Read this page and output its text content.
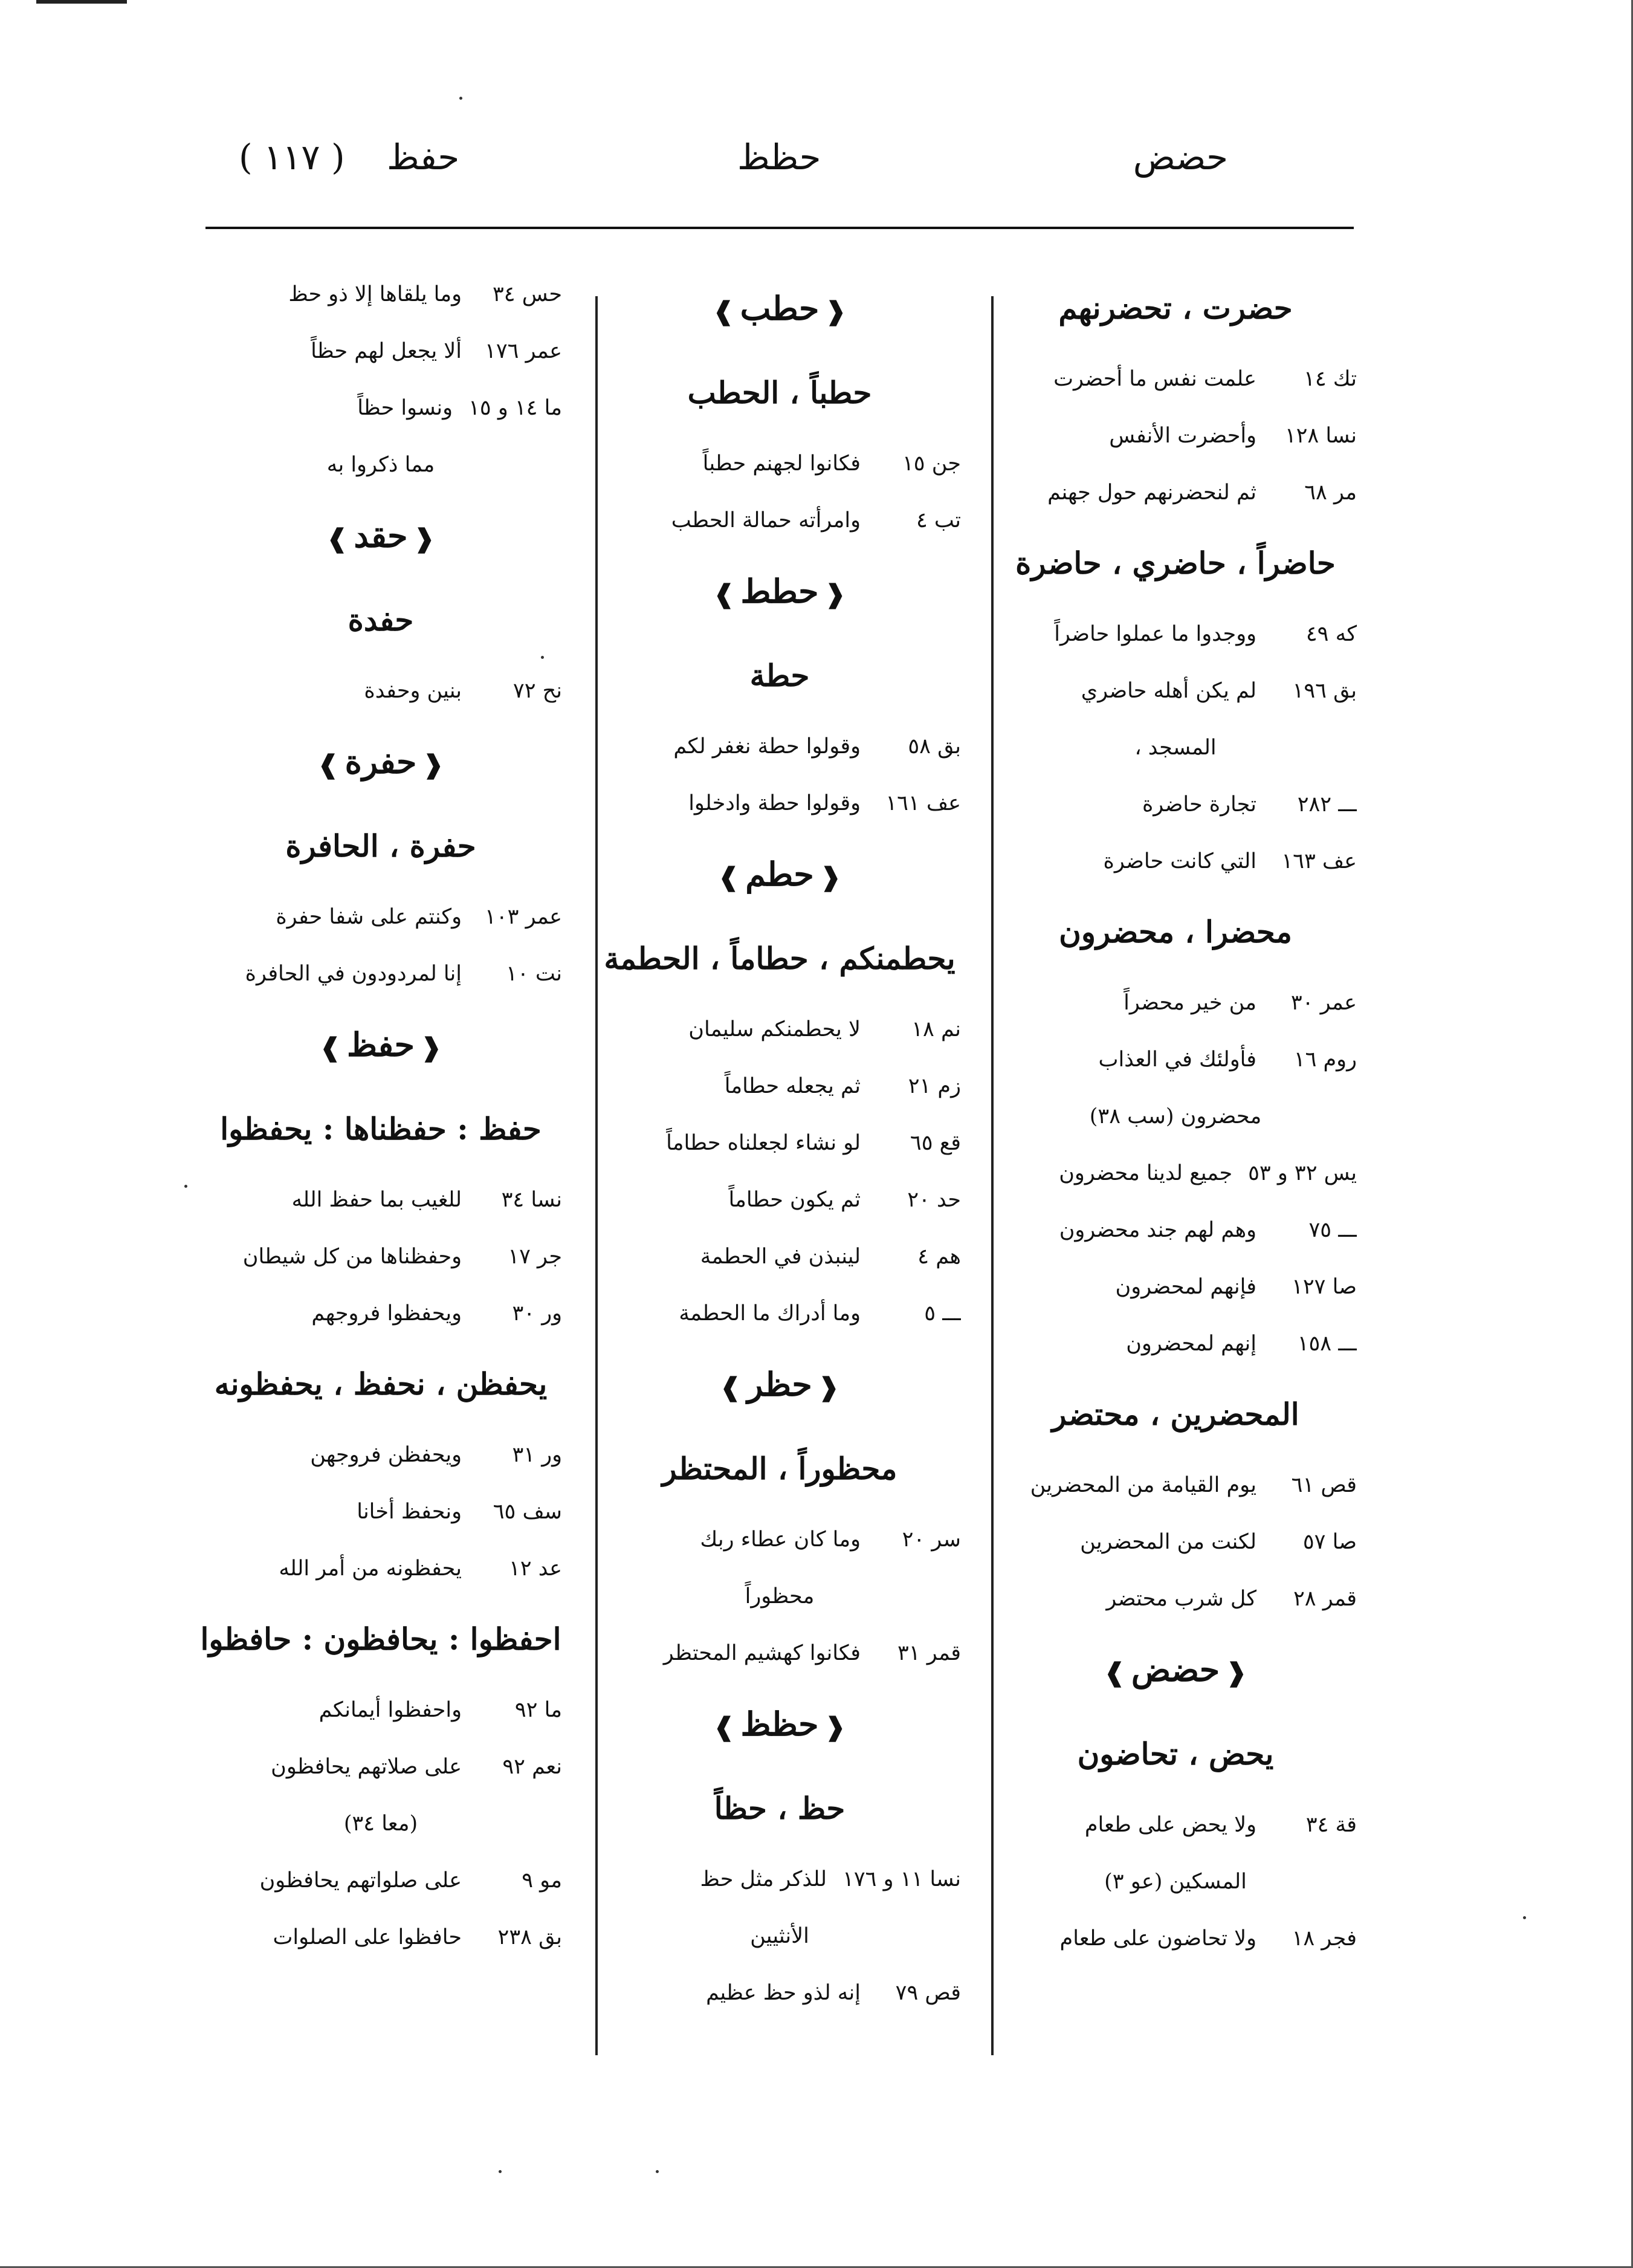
حضض
حظظ
حفظ
( ١١٧ )
حضرت ، تحضرنهم
تك ١٤علمت نفس ما أحضرت
نسا ١٢٨وأحضرت الأنفس
مر ٦٨ثم لنحضرنهم حول جهنم
حاضراً ، حاضري ، حاضرة
كه ٤٩ووجدوا ما عملوا حاضراً
بق ١٩٦لم يكن أهله حاضري
المسجد ،
ـــ ٢٨٢تجارة حاضرة
عف ١٦٣التي كانت حاضرة
محضرا ، محضرون
عمر ٣٠من خير محضراً
روم ١٦فأولئك في العذاب
محضرون (سب ٣٨)
يس ٣٢ و ٥٣جميع لدينا محضرون
ـــ ٧٥وهم لهم جند محضرون
صا ١٢٧فإنهم لمحضرون
ـــ ١٥٨إنهم لمحضرون
المحضرين ، محتضر
قص ٦١يوم القيامة من المحضرين
صا ٥٧لكنت من المحضرين
قمر ٢٨كل شرب محتضر
❰حضض❱
يحض ، تحاضون
قة ٣٤ولا يحض على طعام
المسكين (عو ٣)
فجر ١٨ولا تحاضون على طعام
❰حطب❱
حطباً ، الحطب
جن ١٥فكانوا لجهنم حطباً
تب ٤وامرأته حمالة الحطب
❰حطط❱
حطة
بق ٥٨وقولوا حطة نغفر لكم
عف ١٦١وقولوا حطة وادخلوا
❰حطم❱
يحطمنكم ، حطاماً ، الحطمة
نم ١٨لا يحطمنكم سليمان
زم ٢١ثم يجعله حطاماً
قع ٦٥لو نشاء لجعلناه حطاماً
حد ٢٠ثم يكون حطاماً
هم ٤لينبذن في الحطمة
ـــ ٥وما أدراك ما الحطمة
❰حظر❱
محظوراً ، المحتظر
سر ٢٠وما كان عطاء ربك
محظوراً
قمر ٣١فكانوا كهشيم المحتظر
❰حظظ❱
حظ ، حظاً
نسا ١١ و ١٧٦للذكر مثل حظ
الأنثيين
قص ٧٩إنه لذو حظ عظيم
حس ٣٤وما يلقاها إلا ذو حظ
عمر ١٧٦ألا يجعل لهم حظاً
ما ١٤ و ١٥ونسوا حظاً
مما ذكروا به
❰حقد❱
حفدة
نح ٧٢بنين وحفدة
❰حفرة❱
حفرة ، الحافرة
عمر ١٠٣وكنتم على شفا حفرة
نت ١٠إنا لمردودون في الحافرة
❰حفظ❱
حفظ : حفظناها : يحفظوا
نسا ٣٤للغيب بما حفظ الله
جر ١٧وحفظناها من كل شيطان
ور ٣٠ويحفظوا فروجهم
يحفظن ، نحفظ ، يحفظونه
ور ٣١ويحفظن فروجهن
سف ٦٥ونحفظ أخانا
عد ١٢يحفظونه من أمر الله
احفظوا : يحافظون : حافظوا
ما ٩٢واحفظوا أيمانكم
نعم ٩٢على صلاتهم يحافظون
(معا ٣٤)
مو ٩على صلواتهم يحافظون
بق ٢٣٨حافظوا على الصلوات
